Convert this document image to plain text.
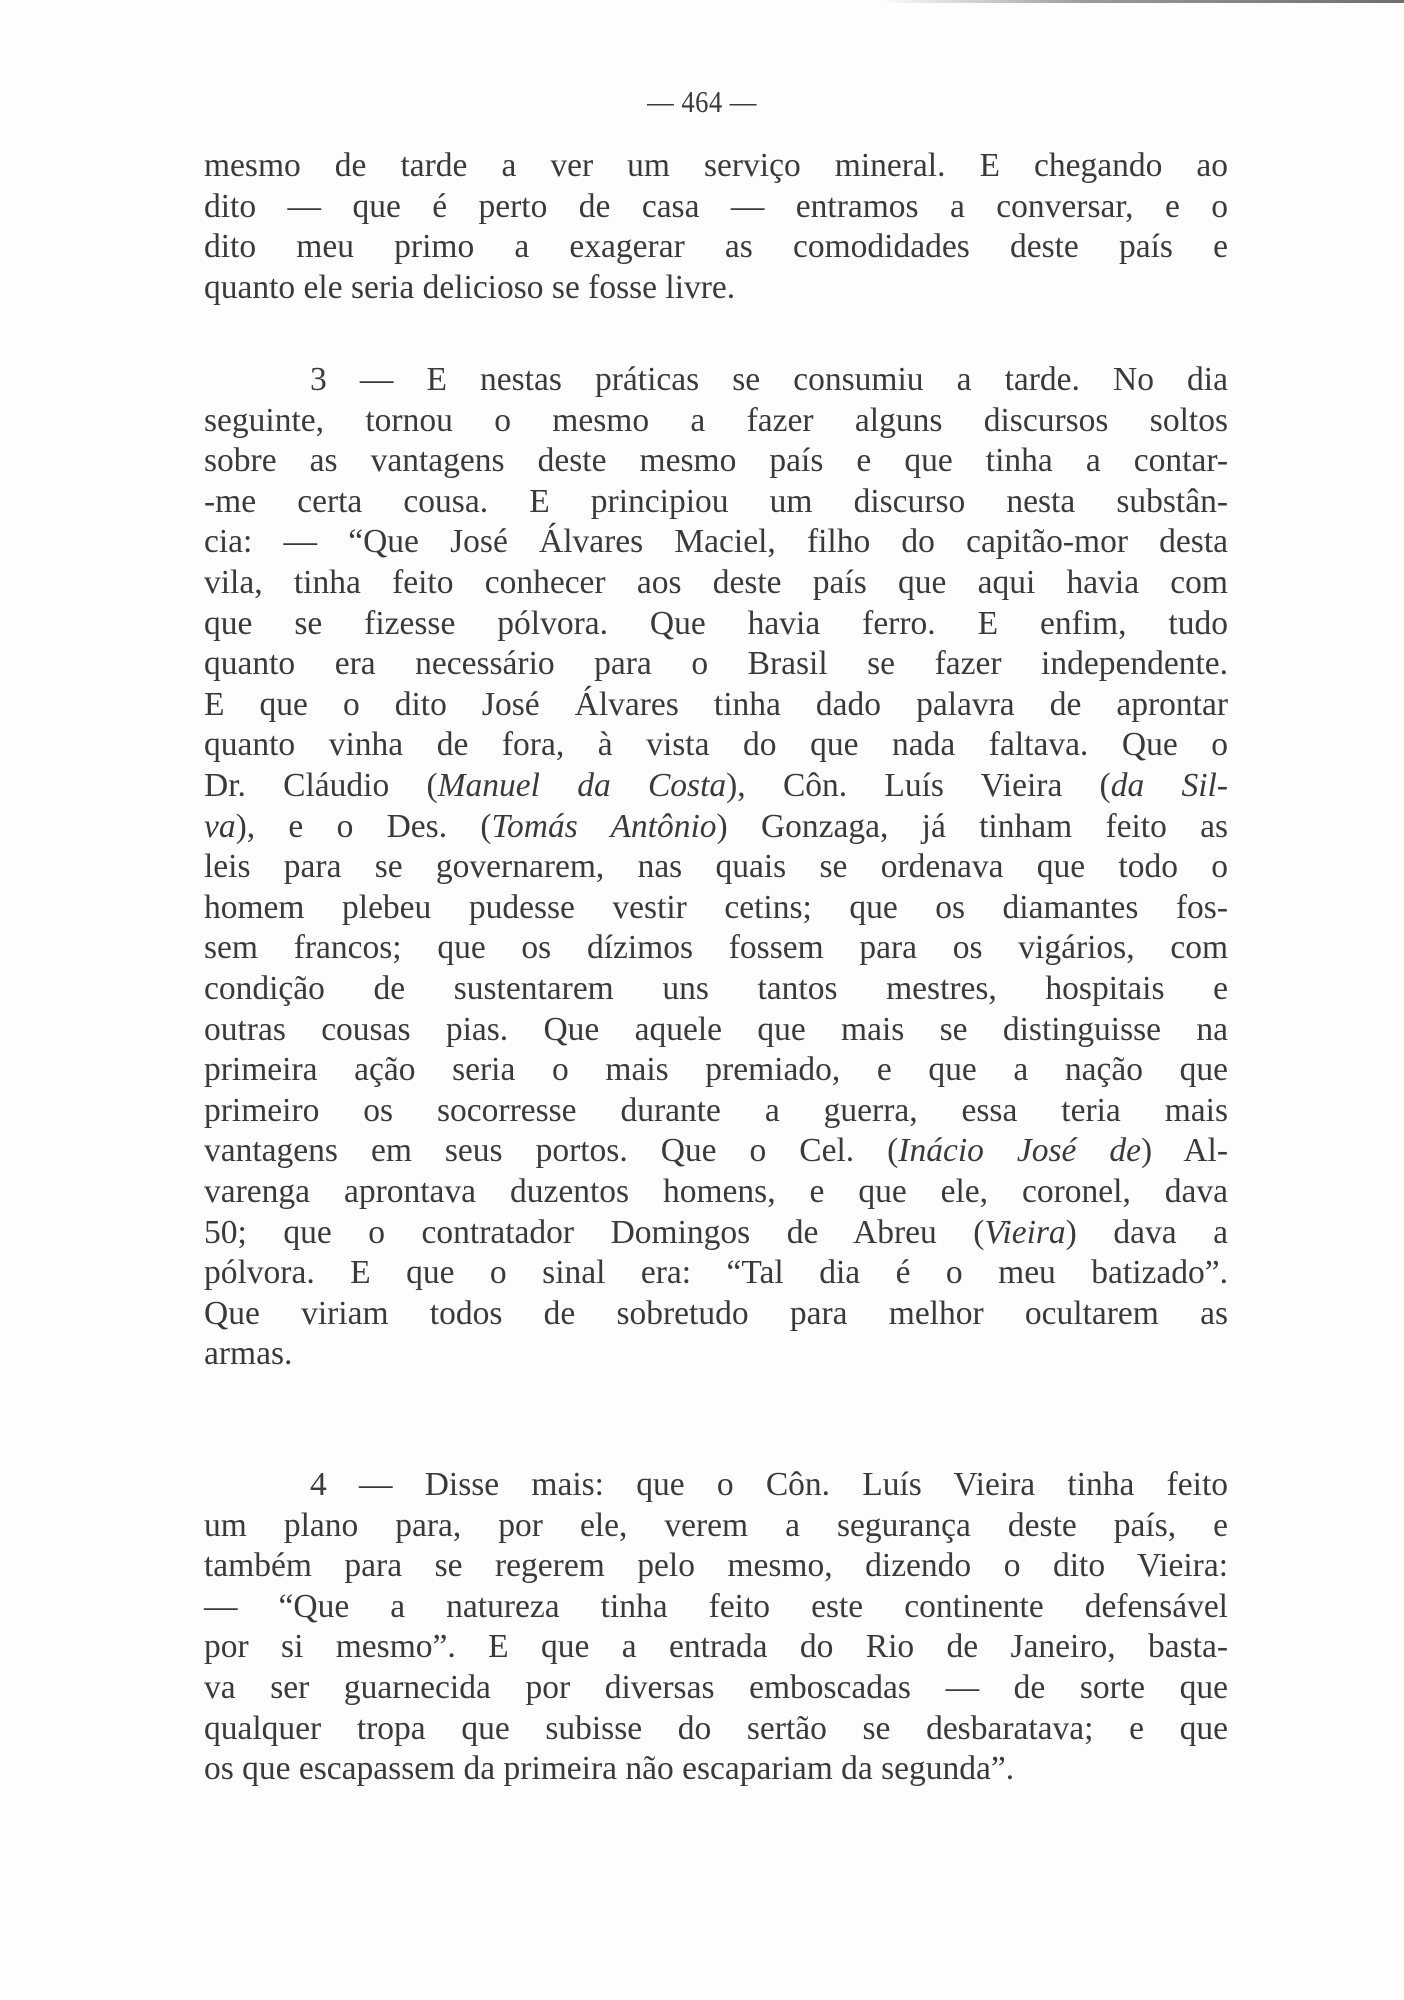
— 464 —
mesmo de tarde a ver um serviço mineral. E chegando ao
dito — que é perto de casa — entramos a conversar, e o
dito meu primo a exagerar as comodidades deste país e
quanto ele seria delicioso se fosse livre.
3 — E nestas práticas se consumiu a tarde. No dia
seguinte, tornou o mesmo a fazer alguns discursos soltos
sobre as vantagens deste mesmo país e que tinha a contar-
-me certa cousa. E principiou um discurso nesta substân-
cia: — “Que José Álvares Maciel, filho do capitão-mor desta
vila, tinha feito conhecer aos deste país que aqui havia com
que se fizesse pólvora. Que havia ferro. E enfim, tudo
quanto era necessário para o Brasil se fazer independente.
E que o dito José Álvares tinha dado palavra de aprontar
quanto vinha de fora, à vista do que nada faltava. Que o
Dr. Cláudio (Manuel da Costa), Côn. Luís Vieira (da Sil-
va), e o Des. (Tomás Antônio) Gonzaga, já tinham feito as
leis para se governarem, nas quais se ordenava que todo o
homem plebeu pudesse vestir cetins; que os diamantes fos-
sem francos; que os dízimos fossem para os vigários, com
condição de sustentarem uns tantos mestres, hospitais e
outras cousas pias. Que aquele que mais se distinguisse na
primeira ação seria o mais premiado, e que a nação que
primeiro os socorresse durante a guerra, essa teria mais
vantagens em seus portos. Que o Cel. (Inácio José de) Al-
varenga aprontava duzentos homens, e que ele, coronel, dava
50; que o contratador Domingos de Abreu (Vieira) dava a
pólvora. E que o sinal era: “Tal dia é o meu batizado”.
Que viriam todos de sobretudo para melhor ocultarem as
armas.
4 — Disse mais: que o Côn. Luís Vieira tinha feito
um plano para, por ele, verem a segurança deste país, e
também para se regerem pelo mesmo, dizendo o dito Vieira:
— “Que a natureza tinha feito este continente defensável
por si mesmo”. E que a entrada do Rio de Janeiro, basta-
va ser guarnecida por diversas emboscadas — de sorte que
qualquer tropa que subisse do sertão se desbaratava; e que
os que escapassem da primeira não escapariam da segunda”.
